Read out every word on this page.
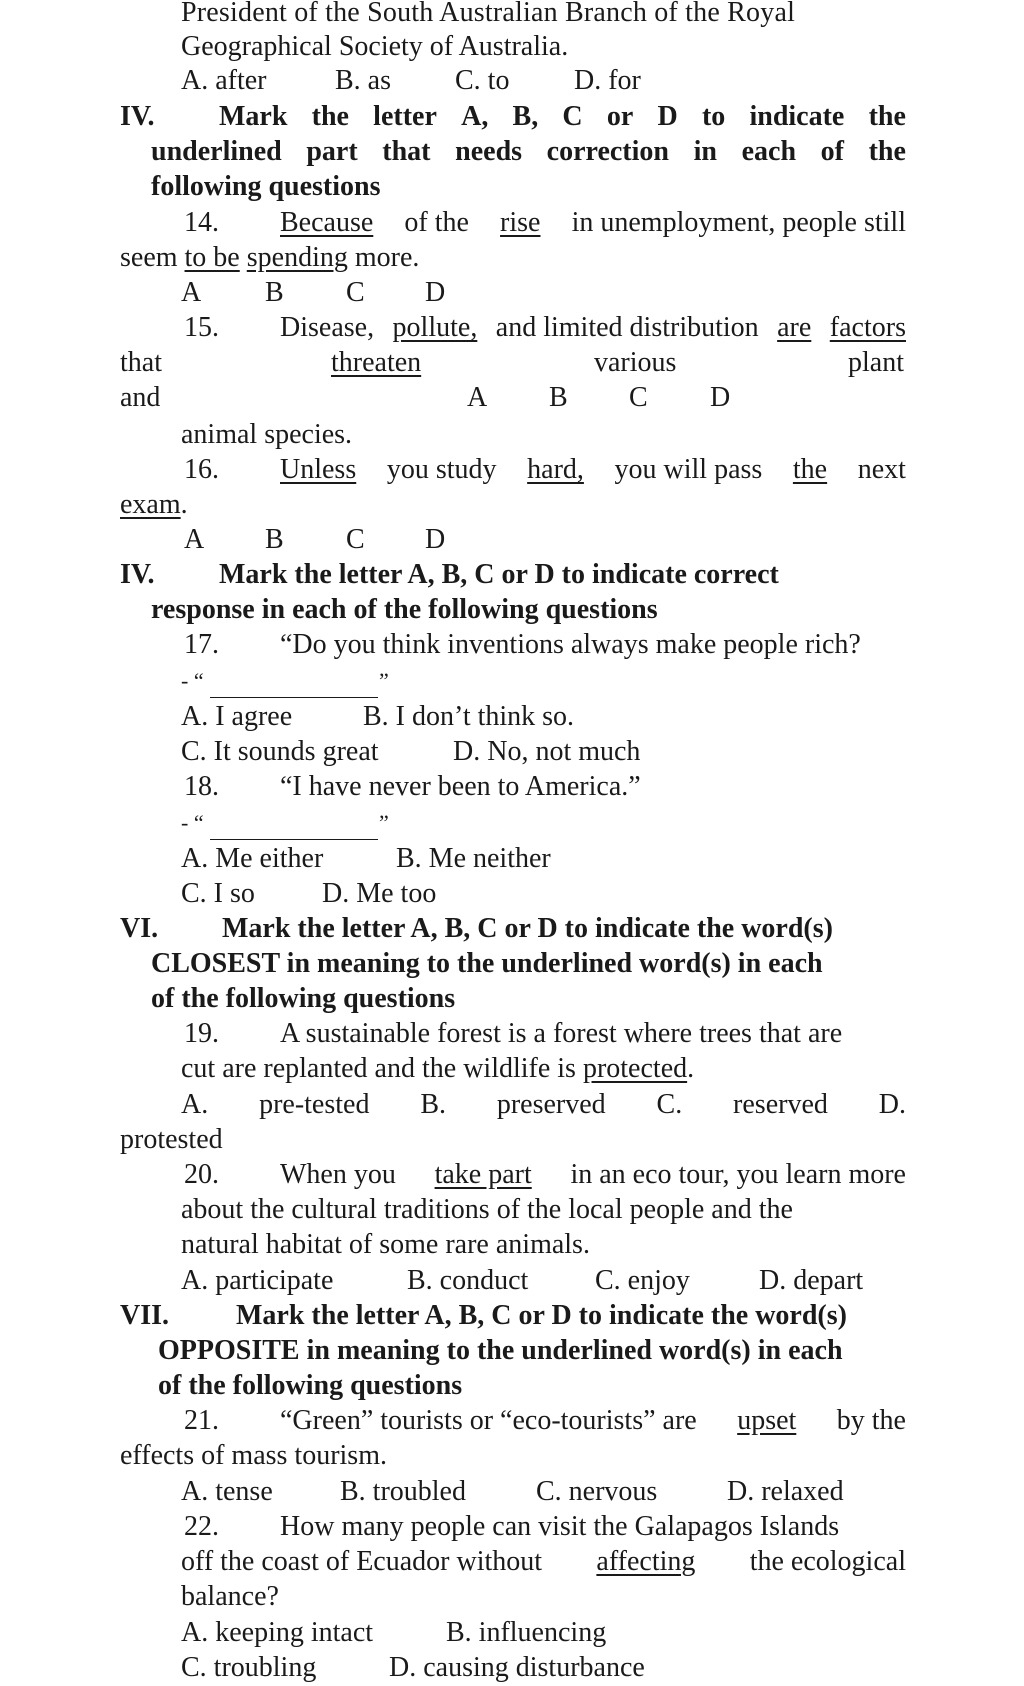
President of the South Australian Branch of the Royal
Geographical Society of Australia.
A. after B. as C. to D. for
IV. Mark the letter A, B, C or D to indicate the
underlined part that needs correction in each of the
following questions
14. Because of the rise in unemployment, people still
seem to be spending more.
A B C D
15. Disease, pollute, and limited distribution are factors
that	threaten	various	plant
and	A B C D
animal species.
16. Unless you study hard, you will pass the next
exam.
A B C D
IV. Mark the letter A, B, C or D to indicate correct
response in each of the following questions
17. “Do you think inventions always make people rich?
- “	”
A. I agree	B. I don’t think so.
C. It sounds great	D. No, not much
18. “I have never been to America.”
- “	”
A. Me either	B. Me neither
C. I so D. Me too
VI. Mark the letter A, B, C or D to indicate the word(s)
CLOSEST in meaning to the underlined word(s) in each
of the following questions
19. A sustainable forest is a forest where trees that are
cut are replanted and the wildlife is protected.
A. pre-tested B. preserved C. reserved D.
protested
20. When you take part in an eco tour, you learn more
about the cultural traditions of the local people and the
natural habitat of some rare animals.
A. participate	B. conduct C. enjoy D. depart
VII. Mark the letter A, B, C or D to indicate the word(s)
OPPOSITE in meaning to the underlined word(s) in each
of the following questions
21. “Green” tourists or “eco-tourists” are upset by the
effects of mass tourism.
A. tense B. troubled	C. nervous D. relaxed
22. How many people can visit the Galapagos Islands
off the coast of Ecuador without affecting the ecological
balance?
A. keeping intact	B. influencing
C. troubling	D. causing disturbance
